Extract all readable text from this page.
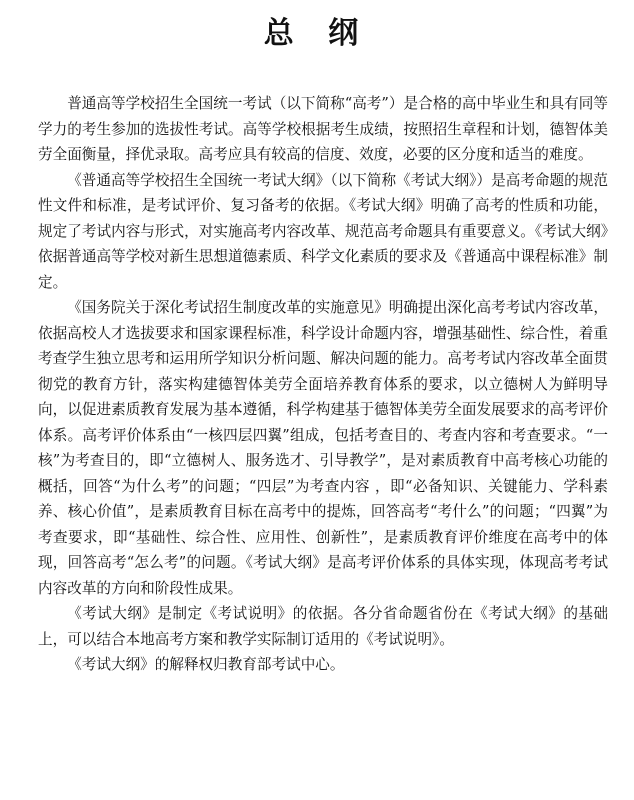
总 纲

普通高等学校招生全国统一考试（以下简称“高考”）是合格的高中毕业生和具有同等学力的考生参加的选拔性考试。高等学校根据考生成绩，按照招生章程和计划，德智体美劳全面衡量，择优录取。高考应具有较高的信度、效度，必要的区分度和适当的难度。

《普通高等学校招生全国统一考试大纲》（以下简称《考试大纲》）是高考命题的规范性文件和标准，是考试评价、复习备考的依据。《考试大纲》明确了高考的性质和功能，规定了考试内容与形式，对实施高考内容改革、规范高考命题具有重要意义。《考试大纲》依据普通高等学校对新生思想道德素质、科学文化素质的要求及《普通高中课程标准》制定。

《国务院关于深化考试招生制度改革的实施意见》明确提出深化高考考试内容改革，依据高校人才选拔要求和国家课程标准，科学设计命题内容，增强基础性、综合性，着重考查学生独立思考和运用所学知识分析问题、解决问题的能力。高考考试内容改革全面贯彻党的教育方针，落实构建德智体美劳全面培养教育体系的要求，以立德树人为鲜明导向，以促进素质教育发展为基本遵循，科学构建基于德智体美劳全面发展要求的高考评价体系。高考评价体系由“一核四层四翼”组成，包括考查目的、考查内容和考查要求。“一核”为考查目的，即“立德树人、服务选才、引导教学”，是对素质教育中高考核心功能的概括，回答“为什么考”的问题；“四层”为考查内容 ，即“必备知识、关键能力、学科素养、核心价值”，是素质教育目标在高考中的提炼，回答高考“考什么”的问题；“四翼”为考查要求，即“基础性、综合性、应用性、创新性”，是素质教育评价维度在高考中的体现，回答高考“怎么考”的问题。《考试大纲》是高考评价体系的具体实现，体现高考考试内容改革的方向和阶段性成果。

《考试大纲》是制定《考试说明》的依据。各分省命题省份在《考试大纲》的基础上，可以结合本地高考方案和教学实际制订适用的《考试说明》。

《考试大纲》的解释权归教育部考试中心。
